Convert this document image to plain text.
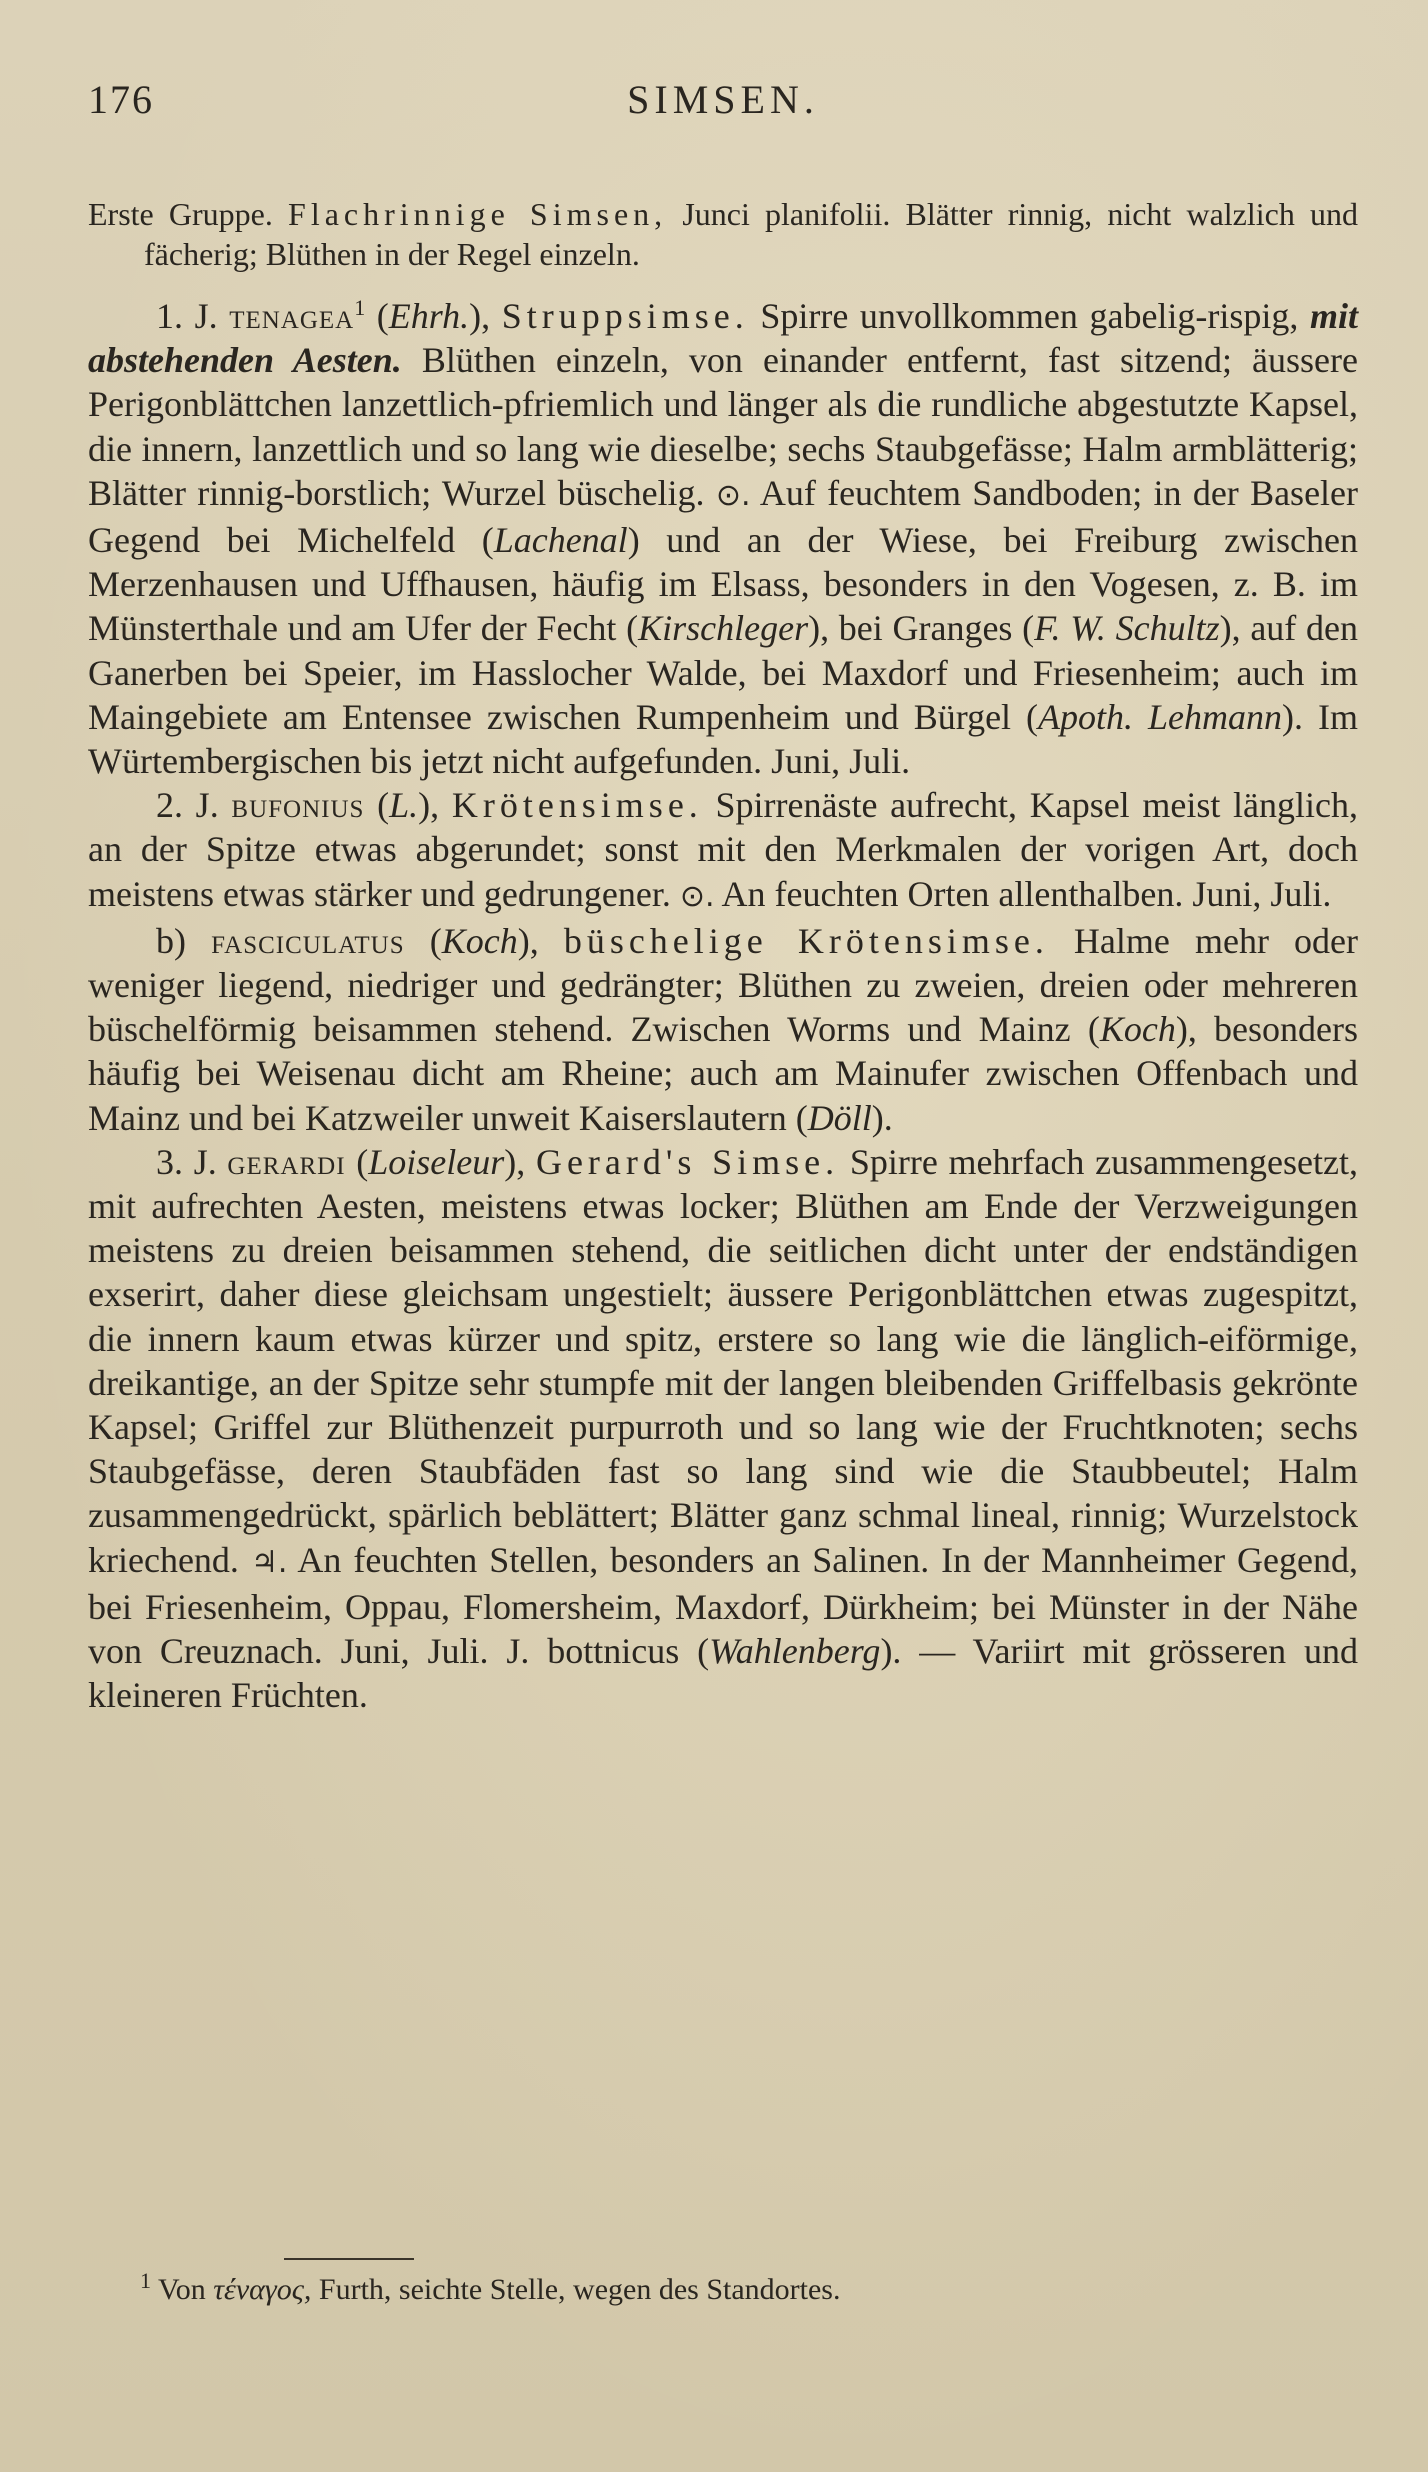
176	SIMSEN.

Erste Gruppe. Flachrinnige Simsen, Junci planifolii. Blätter rinnig, nicht walzlich und fächerig; Blüthen in der Regel einzeln.

1. J. tenagea$^1$ (Ehrh.), Struppsimse. Spirre unvollkommen gabelig-rispig, mit abstehenden Aesten. Blüthen einzeln, von einander entfernt, fast sitzend; äussere Perigonblättchen lanzettlich-pfriemlich und länger als die rundliche abgestutzte Kapsel, die innern, lanzettlich und so lang wie dieselbe; sechs Staubgefässe; Halm armblätterig; Blätter rinnig-borstlich; Wurzel büschelig. ⊙. Auf feuchtem Sandboden; in der Baseler Gegend bei Michelfeld (Lachenal) und an der Wiese, bei Freiburg zwischen Merzenhausen und Uffhausen, häufig im Elsass, besonders in den Vogesen, z. B. im Münsterthale und am Ufer der Fecht (Kirschleger), bei Granges (F. W. Schultz), auf den Ganerben bei Speier, im Hasslocher Walde, bei Maxdorf und Friesenheim; auch im Maingebiete am Entensee zwischen Rumpenheim und Bürgel (Apoth. Lehmann). Im Würtembergischen bis jetzt nicht aufgefunden. Juni, Juli.

2. J. bufonius (L.), Krötensimse. Spirrenäste aufrecht, Kapsel meist länglich, an der Spitze etwas abgerundet; sonst mit den Merkmalen der vorigen Art, doch meistens etwas stärker und gedrungener. ⊙. An feuchten Orten allenthalben. Juni, Juli.

b) fasciculatus (Koch), büschelige Krötensimse. Halme mehr oder weniger liegend, niedriger und gedrängter; Blüthen zu zweien, dreien oder mehreren büschelförmig beisammen stehend. Zwischen Worms und Mainz (Koch), besonders häufig bei Weisenau dicht am Rheine; auch am Mainufer zwischen Offenbach und Mainz und bei Katzweiler unweit Kaiserslautern (Döll).

3. J. gerardi (Loiseleur), Gerard's Simse. Spirre mehrfach zusammengesetzt, mit aufrechten Aesten, meistens etwas locker; Blüthen am Ende der Verzweigungen meistens zu dreien beisammen stehend, die seitlichen dicht unter der endständigen exserirt, daher diese gleichsam ungestielt; äussere Perigonblättchen etwas zugespitzt, die innern kaum etwas kürzer und spitz, erstere so lang wie die länglich-eiförmige, dreikantige, an der Spitze sehr stumpfe mit der langen bleibenden Griffelbasis gekrönte Kapsel; Griffel zur Blüthenzeit purpurroth und so lang wie der Fruchtknoten; sechs Staubgefässe, deren Staubfäden fast so lang sind wie die Staubbeutel; Halm zusammengedrückt, spärlich beblättert; Blätter ganz schmal lineal, rinnig; Wurzelstock kriechend. ♃. An feuchten Stellen, besonders an Salinen. In der Mannheimer Gegend, bei Friesenheim, Oppau, Flomersheim, Maxdorf, Dürkheim; bei Münster in der Nähe von Creuznach. Juni, Juli. J. bottnicus (Wahlenberg). — Variirt mit grösseren und kleineren Früchten.

$^1$ Von τέναγος, Furth, seichte Stelle, wegen des Standortes.
